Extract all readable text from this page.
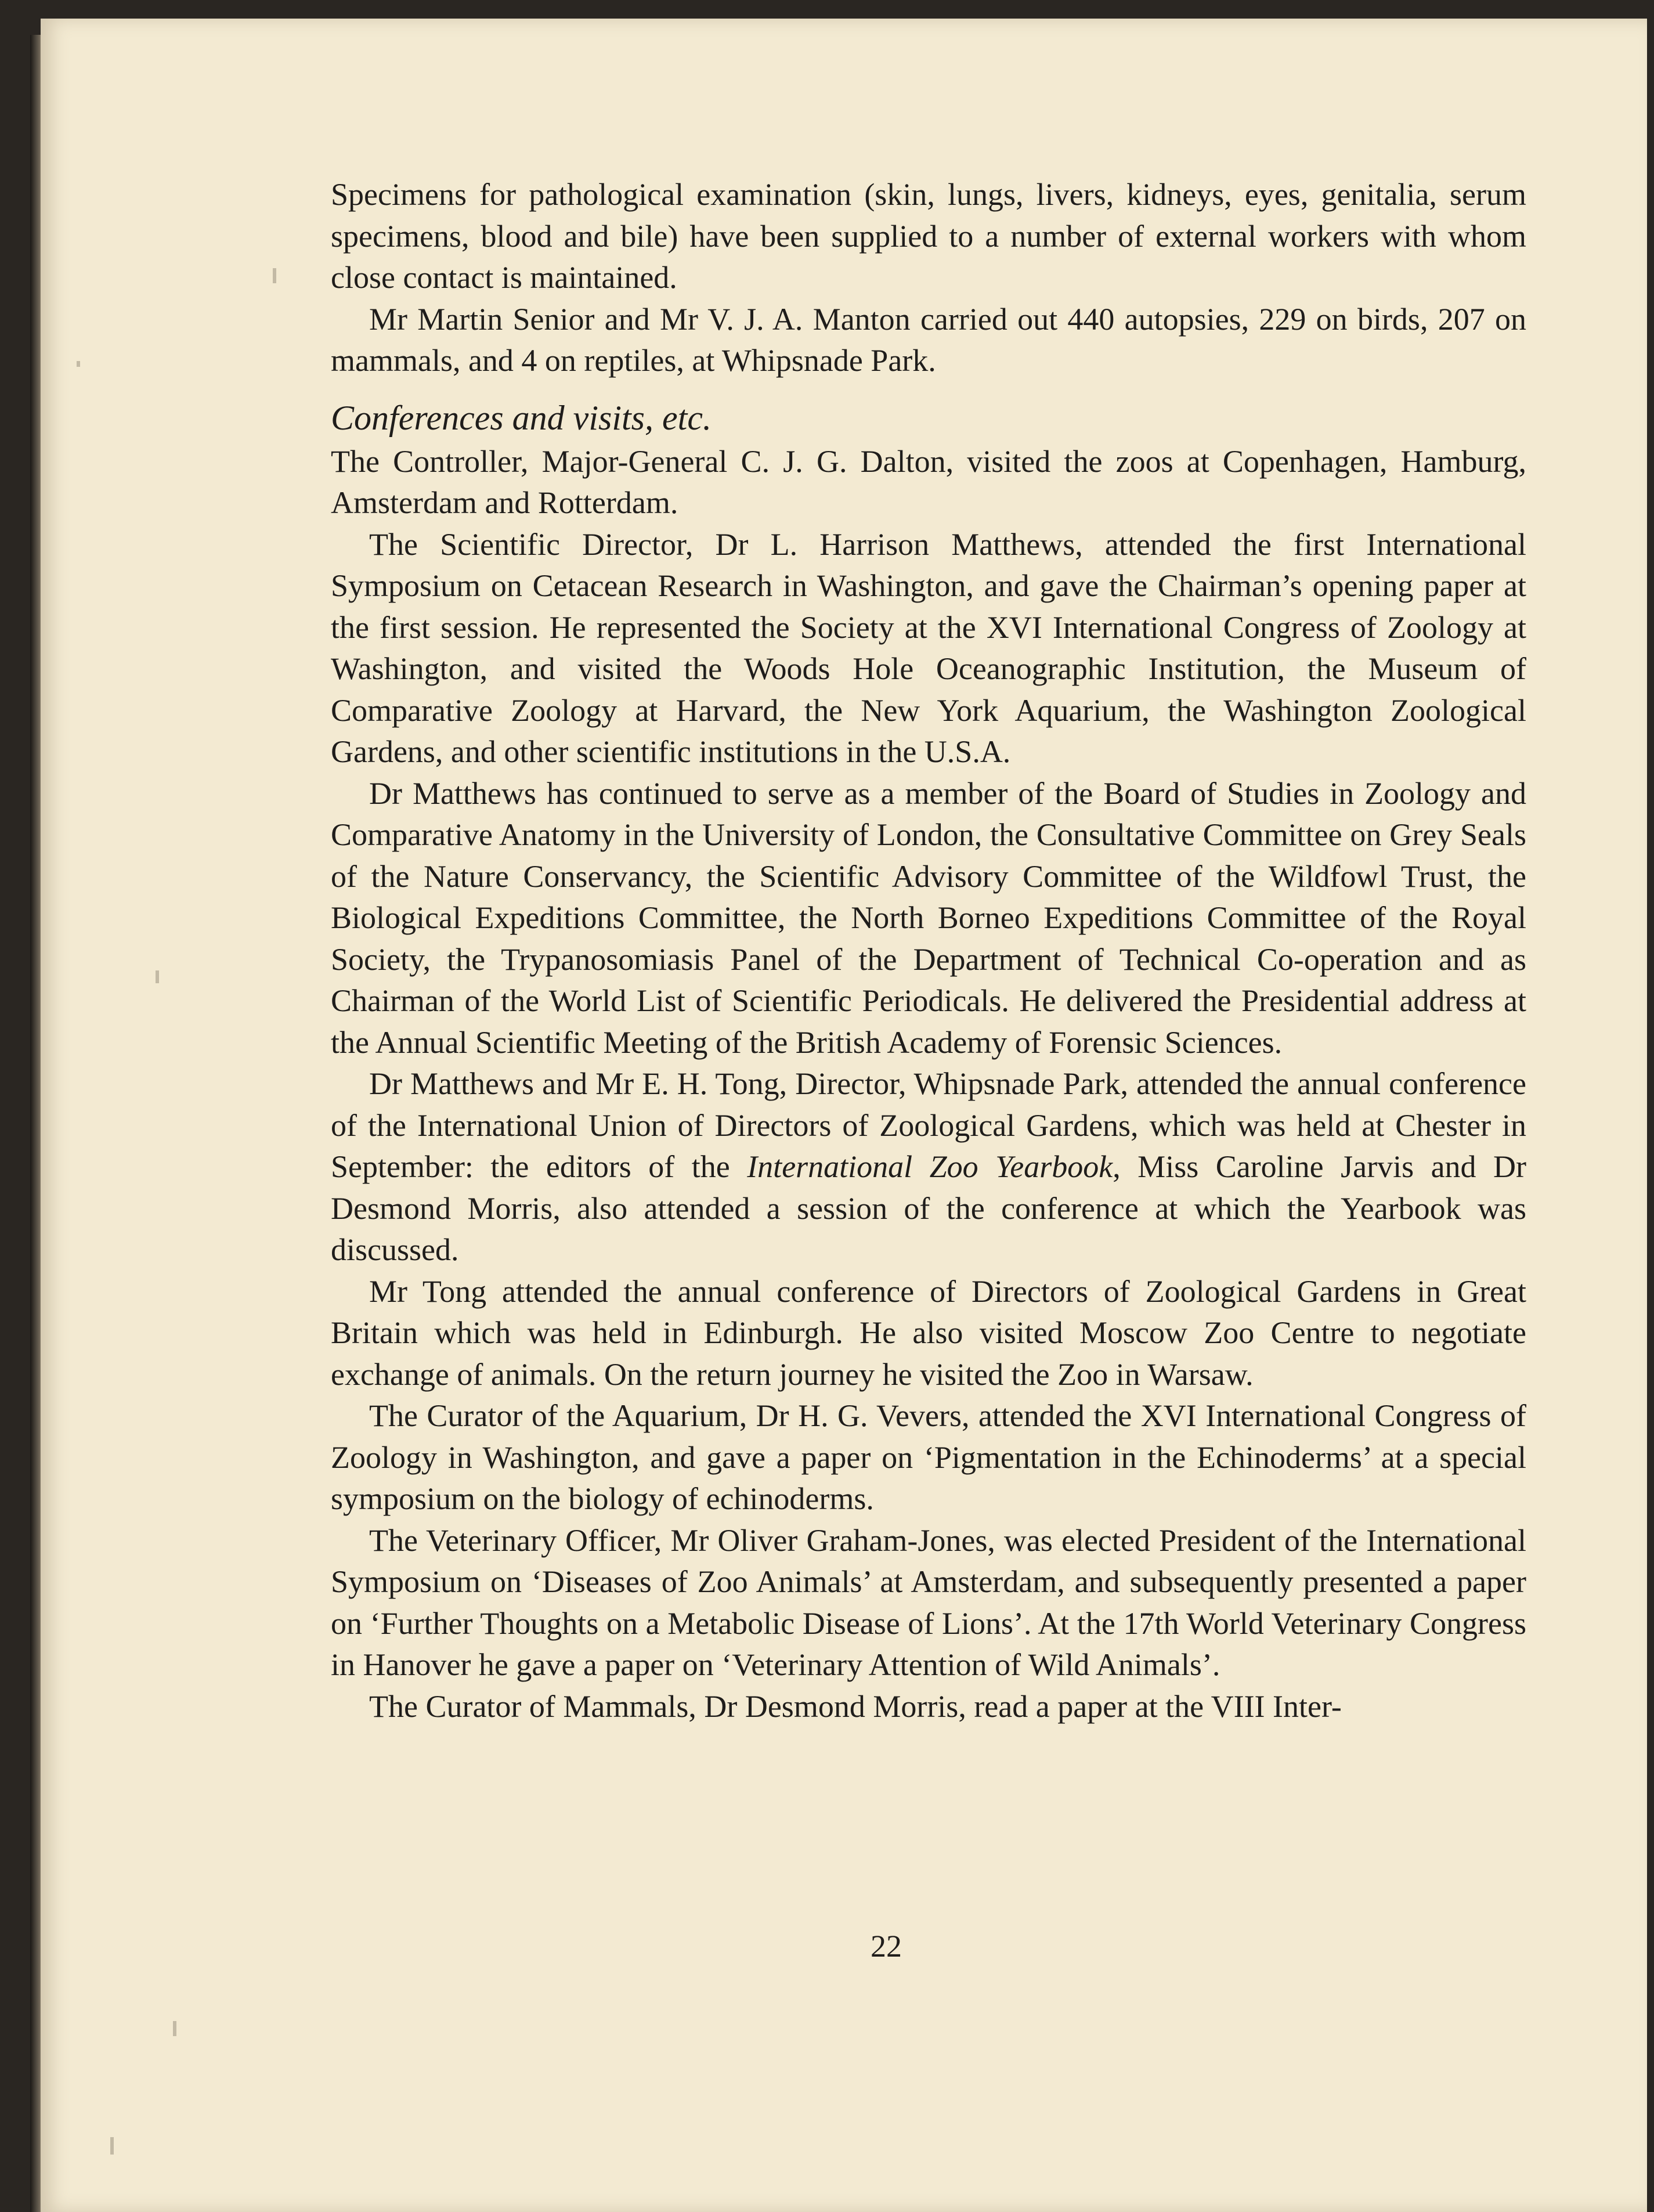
Specimens for pathological examination (skin, lungs, livers, kidneys, eyes, genitalia, serum specimens, blood and bile) have been supplied to a number of external workers with whom close contact is maintained.

Mr Martin Senior and Mr V. J. A. Manton carried out 440 autopsies, 229 on birds, 207 on mammals, and 4 on reptiles, at Whipsnade Park.

Conferences and visits, etc.

The Controller, Major-General C. J. G. Dalton, visited the zoos at Copenhagen, Hamburg, Amsterdam and Rotterdam.

The Scientific Director, Dr L. Harrison Matthews, attended the first International Symposium on Cetacean Research in Washington, and gave the Chairman’s opening paper at the first session. He represented the Society at the XVI International Congress of Zoology at Washington, and visited the Woods Hole Oceanographic Institution, the Museum of Comparative Zoology at Harvard, the New York Aquarium, the Washington Zoological Gardens, and other scientific institutions in the U.S.A.

Dr Matthews has continued to serve as a member of the Board of Studies in Zoology and Comparative Anatomy in the University of London, the Consultative Committee on Grey Seals of the Nature Conservancy, the Scientific Advisory Committee of the Wildfowl Trust, the Biological Expeditions Committee, the North Borneo Expeditions Committee of the Royal Society, the Trypanosomiasis Panel of the Department of Technical Co-operation and as Chairman of the World List of Scientific Periodicals. He delivered the Presidential address at the Annual Scientific Meeting of the British Academy of Forensic Sciences.

Dr Matthews and Mr E. H. Tong, Director, Whipsnade Park, attended the annual conference of the International Union of Directors of Zoological Gardens, which was held at Chester in September: the editors of the International Zoo Yearbook, Miss Caroline Jarvis and Dr Desmond Morris, also attended a session of the conference at which the Yearbook was discussed.

Mr Tong attended the annual conference of Directors of Zoological Gardens in Great Britain which was held in Edinburgh. He also visited Moscow Zoo Centre to negotiate exchange of animals. On the return journey he visited the Zoo in Warsaw.

The Curator of the Aquarium, Dr H. G. Vevers, attended the XVI International Congress of Zoology in Washington, and gave a paper on ‘Pigmentation in the Echinoderms’ at a special symposium on the biology of echinoderms.

The Veterinary Officer, Mr Oliver Graham-Jones, was elected President of the International Symposium on ‘Diseases of Zoo Animals’ at Amsterdam, and subsequently presented a paper on ‘Further Thoughts on a Metabolic Disease of Lions’. At the 17th World Veterinary Congress in Hanover he gave a paper on ‘Veterinary Attention of Wild Animals’.

The Curator of Mammals, Dr Desmond Morris, read a paper at the VIII Inter-

22
